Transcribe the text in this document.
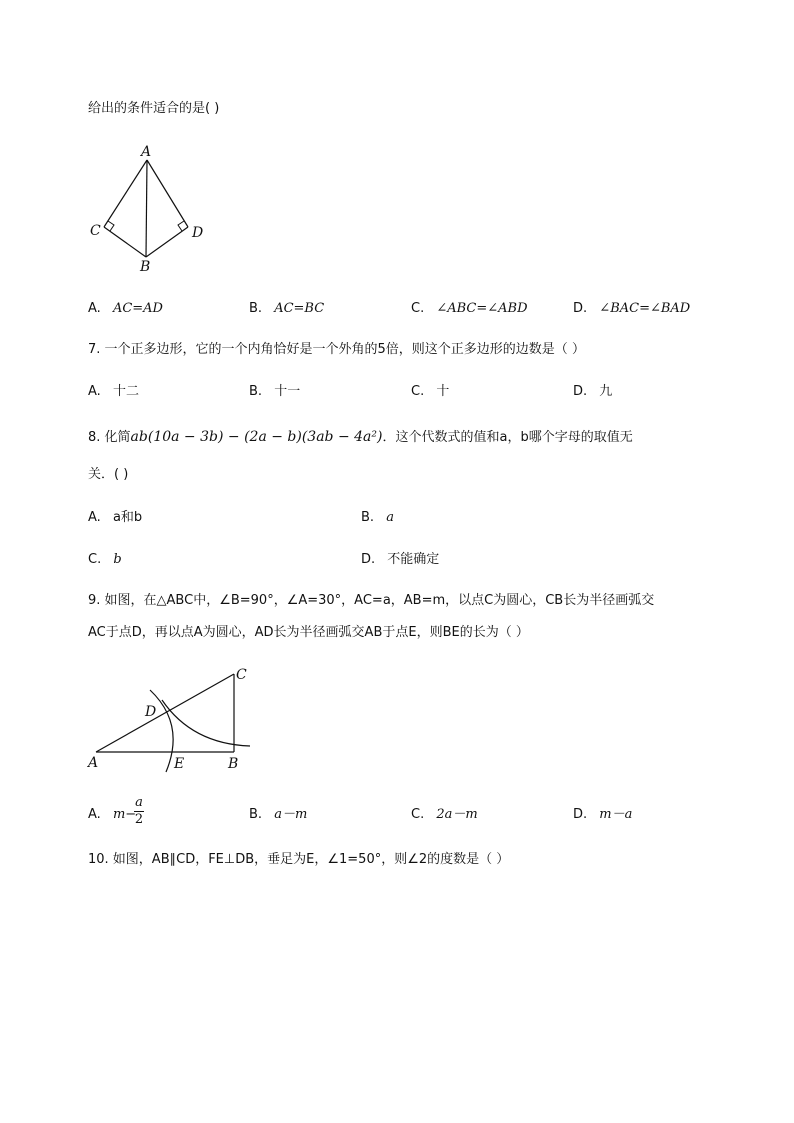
给出的条件适合的是( )
A
C	D
B
A. AC=AD	B. AC=BC	C. ∠ABC=∠ABD	D. ∠BAC=∠BAD
7. 一个正多边形，它的一个内角恰好是一个外角的5倍，则这个正多边形的边数是（ ）
A. 十二	B. 十一	C. 十	D. 九
8. 化简ab(10a − 3b) − (2a − b)(3ab − 4a²)．这个代数式的值和a，b哪个字母的取值无
关．( )
A. a和b	B. a
C. b	D. 不能确定
9. 如图，在△ABC中，∠B=90°，∠A=30°，AC=a，AB=m，以点C为圆心，CB长为半径画弧交
AC于点D，再以点A为圆心，AD长为半径画弧交AB于点E，则BE的长为（ ）
A	B
C
D
E
A. m−
a
2	B. a－m	C. 2a－m	D. m－a
10. 如图，AB∥CD，FE⊥DB，垂足为E，∠1=50°，则∠2的度数是（ ）
